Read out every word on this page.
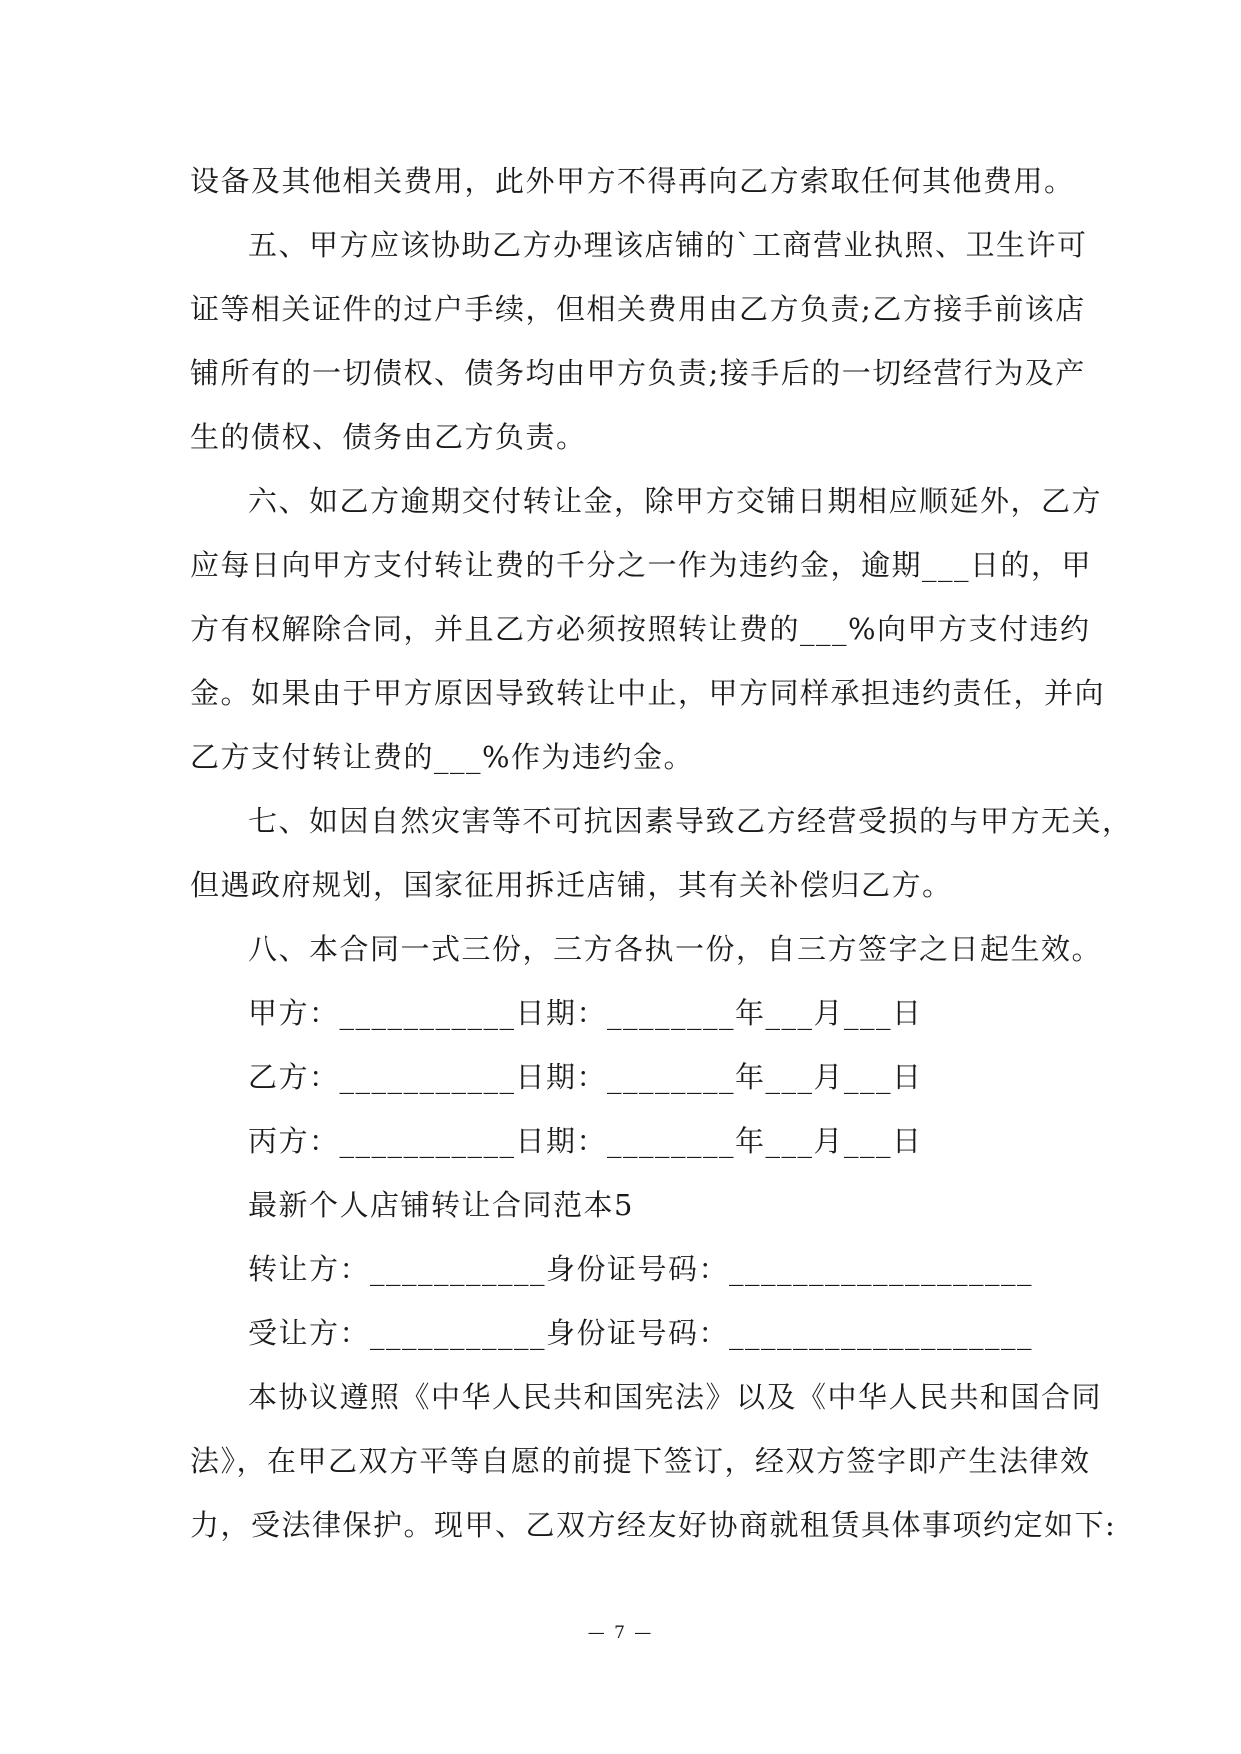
设备及其他相关费用，此外甲方不得再向乙方索取任何其他费用。
五、甲方应该协助乙方办理该店铺的`工商营业执照、卫生许可
证等相关证件的过户手续，但相关费用由乙方负责;乙方接手前该店
铺所有的一切债权、债务均由甲方负责;接手后的一切经营行为及产
生的债权、债务由乙方负责。
六、如乙方逾期交付转让金，除甲方交铺日期相应顺延外，乙方
应每日向甲方支付转让费的千分之一作为违约金，逾期___日的，甲
方有权解除合同，并且乙方必须按照转让费的___%向甲方支付违约
金。如果由于甲方原因导致转让中止，甲方同样承担违约责任，并向
乙方支付转让费的___%作为违约金。
七、如因自然灾害等不可抗因素导致乙方经营受损的与甲方无关，
但遇政府规划，国家征用拆迁店铺，其有关补偿归乙方。
八、本合同一式三份，三方各执一份，自三方签字之日起生效。
甲方：___________日期：________年___月___日
乙方：___________日期：________年___月___日
丙方：___________日期：________年___月___日
最新个人店铺转让合同范本5
转让方：___________身份证号码：___________________
受让方：___________身份证号码：___________________
本协议遵照《中华人民共和国宪法》以及《中华人民共和国合同
法》，在甲乙双方平等自愿的前提下签订，经双方签字即产生法律效
力，受法律保护。现甲、乙双方经友好协商就租赁具体事项约定如下:
— 7 —
